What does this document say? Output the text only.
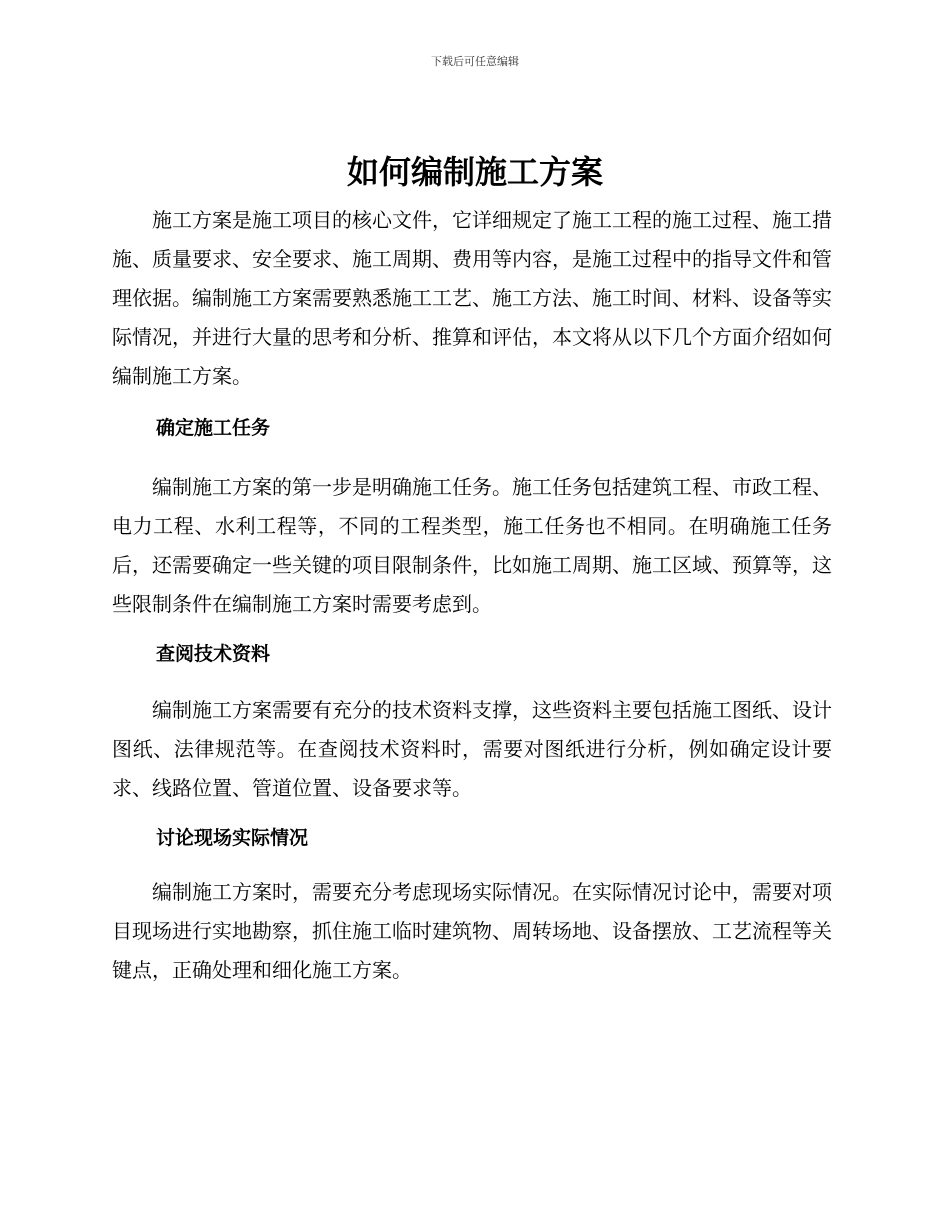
下载后可任意编辑
如何编制施工方案

施工方案是施工项目的核心文件，它详细规定了施工工程的施工过程、施工措施、质量要求、安全要求、施工周期、费用等内容，是施工过程中的指导文件和管理依据。编制施工方案需要熟悉施工工艺、施工方法、施工时间、材料、设备等实际情况，并进行大量的思考和分析、推算和评估，本文将从以下几个方面介绍如何编制施工方案。

确定施工任务

编制施工方案的第一步是明确施工任务。施工任务包括建筑工程、市政工程、电力工程、水利工程等，不同的工程类型，施工任务也不相同。在明确施工任务后，还需要确定一些关键的项目限制条件，比如施工周期、施工区域、预算等，这些限制条件在编制施工方案时需要考虑到。

查阅技术资料

编制施工方案需要有充分的技术资料支撑，这些资料主要包括施工图纸、设计图纸、法律规范等。在查阅技术资料时，需要对图纸进行分析，例如确定设计要求、线路位置、管道位置、设备要求等。

讨论现场实际情况

编制施工方案时，需要充分考虑现场实际情况。在实际情况讨论中，需要对项目现场进行实地勘察，抓住施工临时建筑物、周转场地、设备摆放、工艺流程等关键点，正确处理和细化施工方案。
